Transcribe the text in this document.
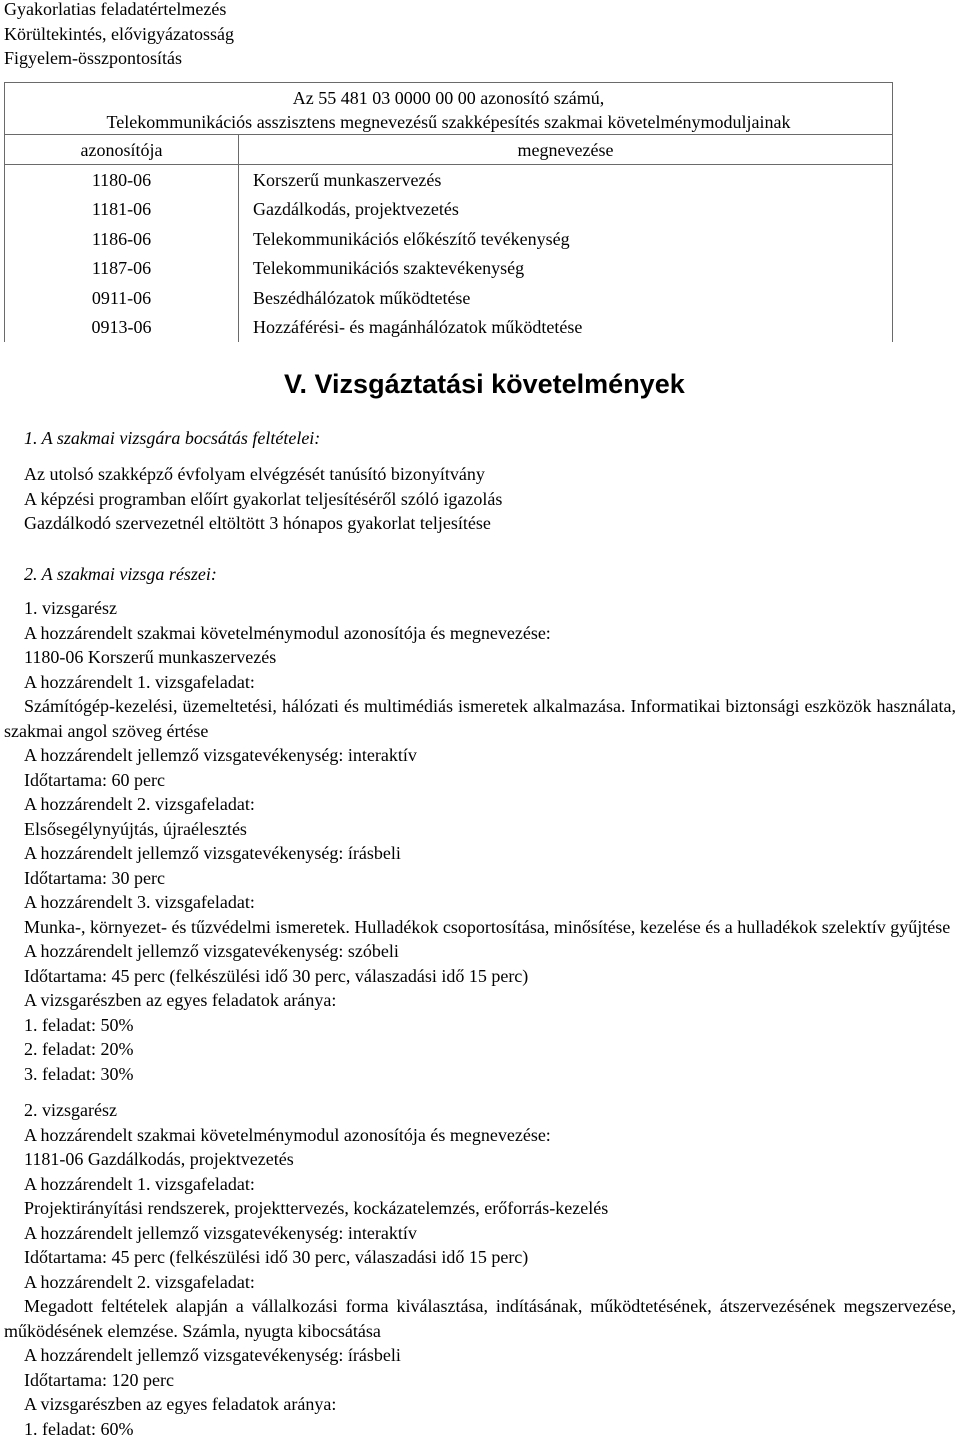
Gyakorlatias feladatértelmezés
Körültekintés, elővigyázatosság
Figyelem-összpontosítás
Az 55 481 03 0000 00 00 azonosító számú,	
Telekommunikációs asszisztens megnevezésű szakképesítés szakmai követelménymoduljainak	
azonosítója	megnevezése
1180-06	Korszerű munkaszervezés
1181-06	Gazdálkodás, projektvezetés
1186-06	Telekommunikációs előkészítő tevékenység
1187-06	Telekommunikációs szaktevékenység
0911-06	Beszédhálózatok működtetése
0913-06	Hozzáférési- és magánhálózatok működtetése
V. Vizsgáztatási követelmények
1. A szakmai vizsgára bocsátás feltételei:
Az utolsó szakképző évfolyam elvégzését tanúsító bizonyítvány
A képzési programban előírt gyakorlat teljesítéséről szóló igazolás
Gazdálkodó szervezetnél eltöltött 3 hónapos gyakorlat teljesítése
2. A szakmai vizsga részei:
1. vizsgarész
A hozzárendelt szakmai követelménymodul azonosítója és megnevezése:
1180-06 Korszerű munkaszervezés
A hozzárendelt 1. vizsgafeladat:
Számítógép-kezelési, üzemeltetési, hálózati és multimédiás ismeretek alkalmazása. Informatikai biztonsági eszközök használata, szakmai angol szöveg értése
A hozzárendelt jellemző vizsgatevékenység: interaktív
Időtartama: 60 perc
A hozzárendelt 2. vizsgafeladat:
Elsősegélynyújtás, újraélesztés
A hozzárendelt jellemző vizsgatevékenység: írásbeli
Időtartama: 30 perc
A hozzárendelt 3. vizsgafeladat:
Munka-, környezet- és tűzvédelmi ismeretek. Hulladékok csoportosítása, minősítése, kezelése és a hulladékok szelektív gyűjtése
A hozzárendelt jellemző vizsgatevékenység: szóbeli
Időtartama: 45 perc (felkészülési idő 30 perc, válaszadási idő 15 perc)
A vizsgarészben az egyes feladatok aránya:
1. feladat: 50%
2. feladat: 20%
3. feladat: 30%
2. vizsgarész
A hozzárendelt szakmai követelménymodul azonosítója és megnevezése:
1181-06 Gazdálkodás, projektvezetés
A hozzárendelt 1. vizsgafeladat:
Projektirányítási rendszerek, projekttervezés, kockázatelemzés, erőforrás-kezelés
A hozzárendelt jellemző vizsgatevékenység: interaktív
Időtartama: 45 perc (felkészülési idő 30 perc, válaszadási idő 15 perc)
A hozzárendelt 2. vizsgafeladat:
Megadott feltételek alapján a vállalkozási forma kiválasztása, indításának, működtetésének, átszervezésének megszervezése, működésének elemzése. Számla, nyugta kibocsátása
A hozzárendelt jellemző vizsgatevékenység: írásbeli
Időtartama: 120 perc
A vizsgarészben az egyes feladatok aránya:
1. feladat: 60%
